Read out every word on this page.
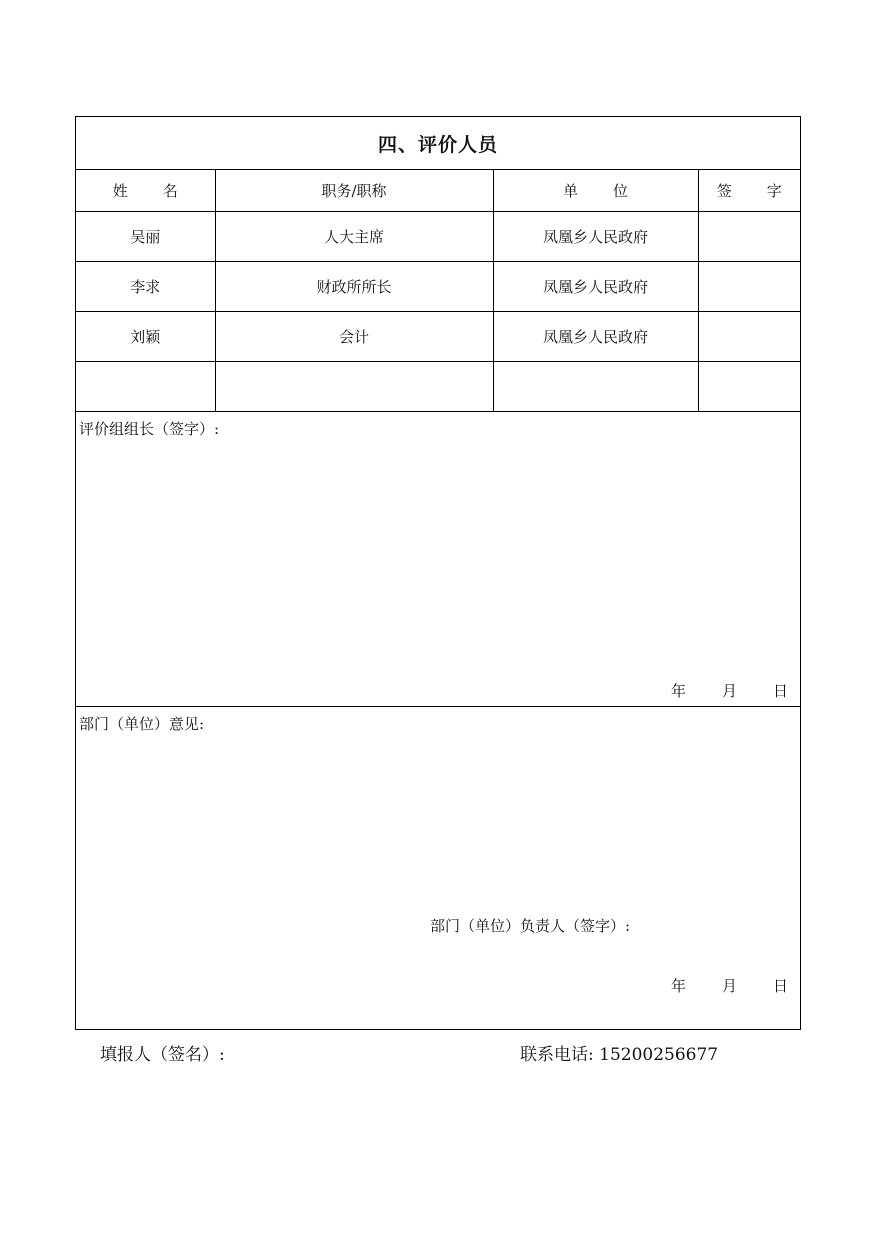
四、评价人员
姓　名	职务/职称	单　位	签　字
吴丽	人大主席	凤凰乡人民政府	
李求	财政所所长	凤凰乡人民政府	
刘颖	会计	凤凰乡人民政府	

评价组组长（签字）:
年 月 日
部门（单位）意见:
部门（单位）负责人（签字）:
年 月 日
填报人（签名）:	联系电话: 15200256677
